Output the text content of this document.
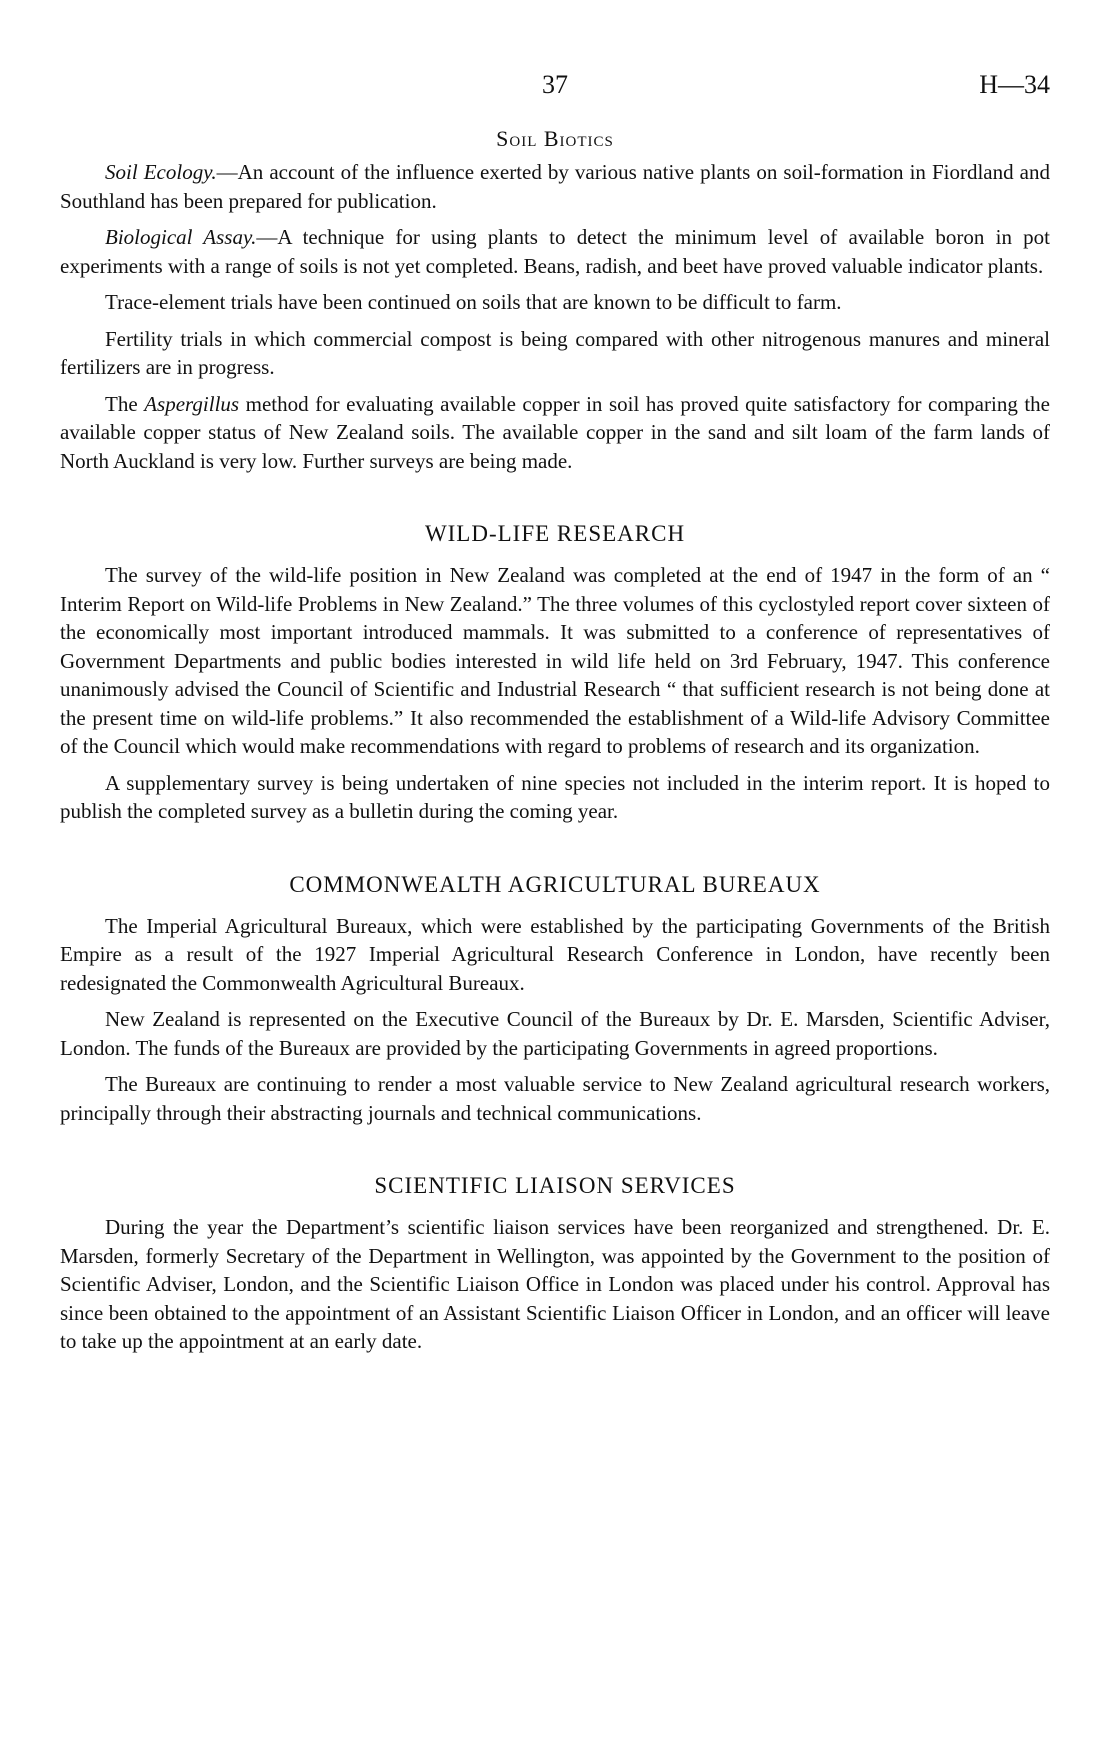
37	H—34
Soil Biotics

Soil Ecology.—An account of the influence exerted by various native plants on soil-formation in Fiordland and Southland has been prepared for publication.

Biological Assay.—A technique for using plants to detect the minimum level of available boron in pot experiments with a range of soils is not yet completed. Beans, radish, and beet have proved valuable indicator plants.

Trace-element trials have been continued on soils that are known to be difficult to farm.

Fertility trials in which commercial compost is being compared with other nitrogenous manures and mineral fertilizers are in progress.

The Aspergillus method for evaluating available copper in soil has proved quite satisfactory for comparing the available copper status of New Zealand soils. The available copper in the sand and silt loam of the farm lands of North Auckland is very low. Further surveys are being made.

WILD-LIFE RESEARCH

The survey of the wild-life position in New Zealand was completed at the end of 1947 in the form of an “ Interim Report on Wild-life Problems in New Zealand.” The three volumes of this cyclostyled report cover sixteen of the economically most important introduced mammals. It was submitted to a conference of representatives of Government Departments and public bodies interested in wild life held on 3rd February, 1947. This conference unanimously advised the Council of Scientific and Industrial Research “ that sufficient research is not being done at the present time on wild-life problems.” It also recommended the establishment of a Wild-life Advisory Committee of the Council which would make recommendations with regard to problems of research and its organization.

A supplementary survey is being undertaken of nine species not included in the interim report. It is hoped to publish the completed survey as a bulletin during the coming year.

COMMONWEALTH AGRICULTURAL BUREAUX

The Imperial Agricultural Bureaux, which were established by the participating Governments of the British Empire as a result of the 1927 Imperial Agricultural Research Conference in London, have recently been redesignated the Commonwealth Agricultural Bureaux.

New Zealand is represented on the Executive Council of the Bureaux by Dr. E. Marsden, Scientific Adviser, London. The funds of the Bureaux are provided by the participating Governments in agreed proportions.

The Bureaux are continuing to render a most valuable service to New Zealand agricultural research workers, principally through their abstracting journals and technical communications.

SCIENTIFIC LIAISON SERVICES

During the year the Department’s scientific liaison services have been reorganized and strengthened. Dr. E. Marsden, formerly Secretary of the Department in Wellington, was appointed by the Government to the position of Scientific Adviser, London, and the Scientific Liaison Office in London was placed under his control. Approval has since been obtained to the appointment of an Assistant Scientific Liaison Officer in London, and an officer will leave to take up the appointment at an early date.
